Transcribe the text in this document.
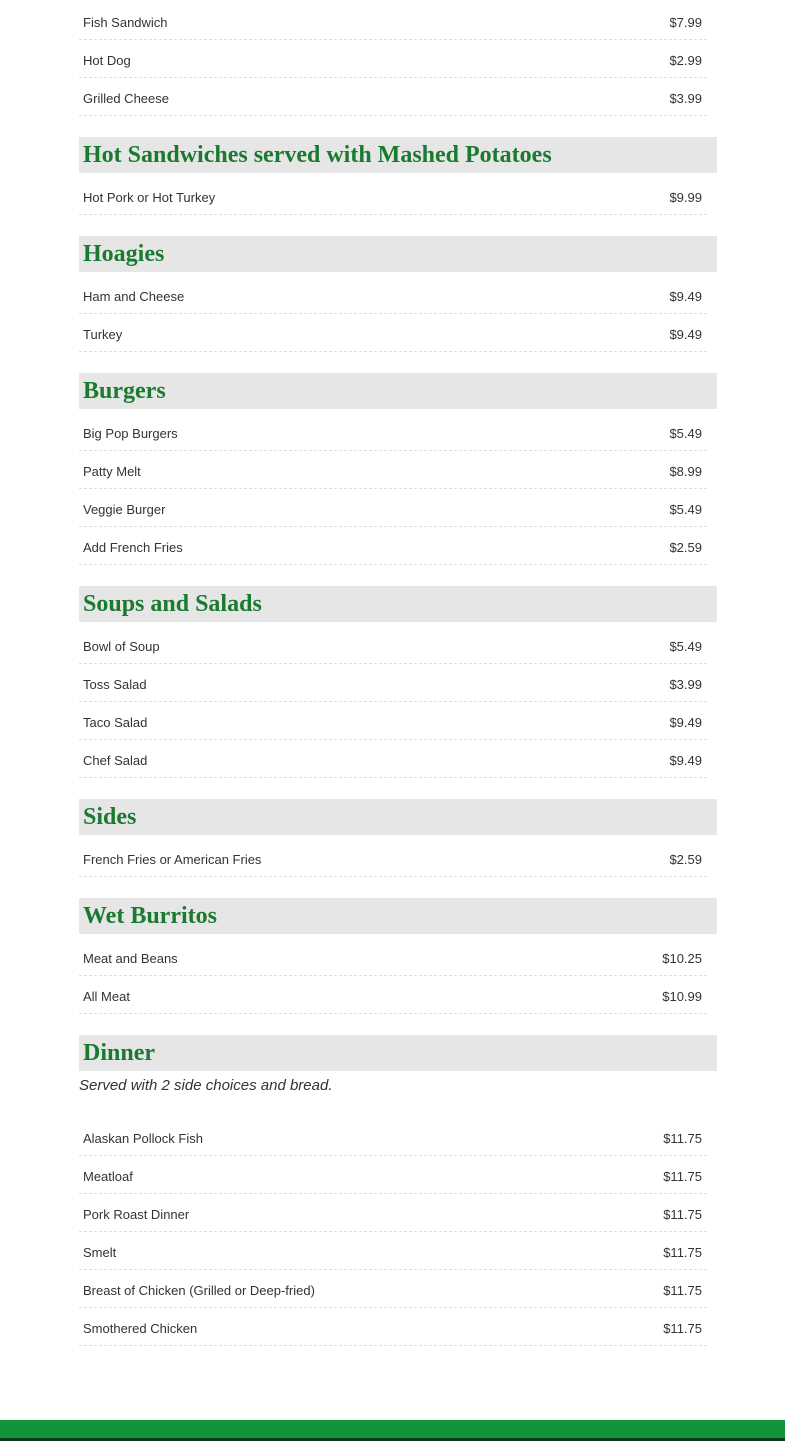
Fish Sandwich	$7.99
Hot Dog	$2.99
Grilled Cheese	$3.99
Hot Sandwiches served with Mashed Potatoes
Hot Pork or Hot Turkey	$9.99
Hoagies
Ham and Cheese	$9.49
Turkey	$9.49
Burgers
Big Pop Burgers	$5.49
Patty Melt	$8.99
Veggie Burger	$5.49
Add French Fries	$2.59
Soups and Salads
Bowl of Soup	$5.49
Toss Salad	$3.99
Taco Salad	$9.49
Chef Salad	$9.49
Sides
French Fries or American Fries	$2.59
Wet Burritos
Meat and Beans	$10.25
All Meat	$10.99
Dinner
Served with 2 side choices and bread.
Alaskan Pollock Fish	$11.75
Meatloaf	$11.75
Pork Roast Dinner	$11.75
Smelt	$11.75
Breast of Chicken (Grilled or Deep-fried)	$11.75
Smothered Chicken	$11.75
